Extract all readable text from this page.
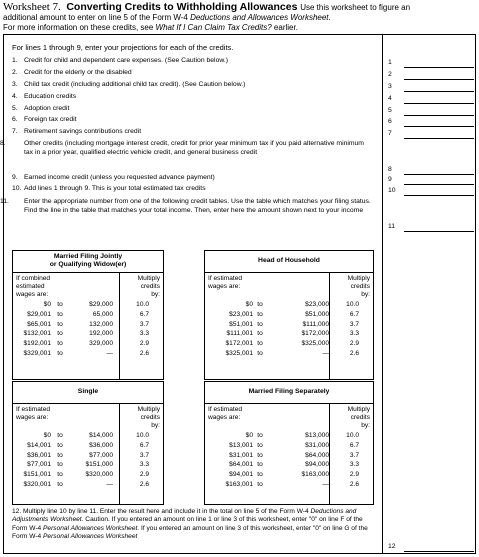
Worksheet 7. Converting Credits to Withholding Allowances Use this worksheet to figure an
additional amount to enter on line 5 of the Form W-4 Deductions and Allowances Worksheet.
For more information on these credits, see What If I Can Claim Tax Credits? earlier.
For lines 1 through 9, enter your projections for each of the credits.
1. Credit for child and dependent care expenses. (See Caution below.)	1
2. Credit for the elderly or the disabled	2
3. Child tax credit (including additional child tax credit). (See Caution below.)	3
4. Education credits	4
5. Adoption credit	5
6. Foreign tax credit	6
7. Retirement savings contributions credit	7
8.	Other credits (including mortgage interest credit, credit for prior year minimum tax if you paid alternative minimum tax in a prior year, qualified electric vehicle credit, and general business credit
8
9. Earned income credit (unless you requested advance payment)	9
10. Add lines 1 through 9. This is your total estimated tax credits	10
11. Enter the appropriate number from one of the following credit tables. Use the table which matches your filing status. Find the line in the table that matches your total income. Then, enter here the amount shown next to your income
11
Married Filing Jointly
or Qualifying Widow(er)
If combined
estimated
wages are:
Multiply
credits
by:
$0 to	$29,000	10.0
$29,001 to	65,000	6.7
$65,001 to	132,000	3.7
$132,001 to	192,000	3.3
$192,001 to	329,000	2.9
$329,001 to	—	2.6
Head of Household
If estimated
wages are:
Multiply
credits
by:
$0 to	$23,000	10.0
$23,001 to	$51,000	6.7
$51,001 to	$111,000	3.7
$111,001 to	$172,000	3.3
$172,001 to	$325,000	2.9
$325,001 to	—	2.6
Single
If estimated
wages are:
Multiply
credits
by:
$0 to	$14,000	10.0
$14,001 to	$36,000	6.7
$36,001 to	$77,000	3.7
$77,001 to	$151,000	3.3
$151,001 to	$320,000	2.9
$320,001 to	—	2.6
Married Filing Separately
If estimated
wages are:
Multiply
credits
by:
$0 to	$13,000	10.0
$13,001 to	$31,000	6.7
$31,001 to	$64,000	3.7
$64,001 to	$94,000	3.3
$94,001 to	$163,000	2.9
$163,001 to	—	2.6
12. Multiply line 10 by line 11. Enter the result here and include it in the total on line 5 of the Form W-4 Deductions and Adjustments Worksheet. Caution. If you entered an amount on line 1 or line 3 of this worksheet, enter "0" on line F of the Form W-4 Personal Allowances Worksheet. If you entered an amount on line 3 of this worksheet, enter "0" on line G of the Form W-4 Personal Allowances Worksheet
12
